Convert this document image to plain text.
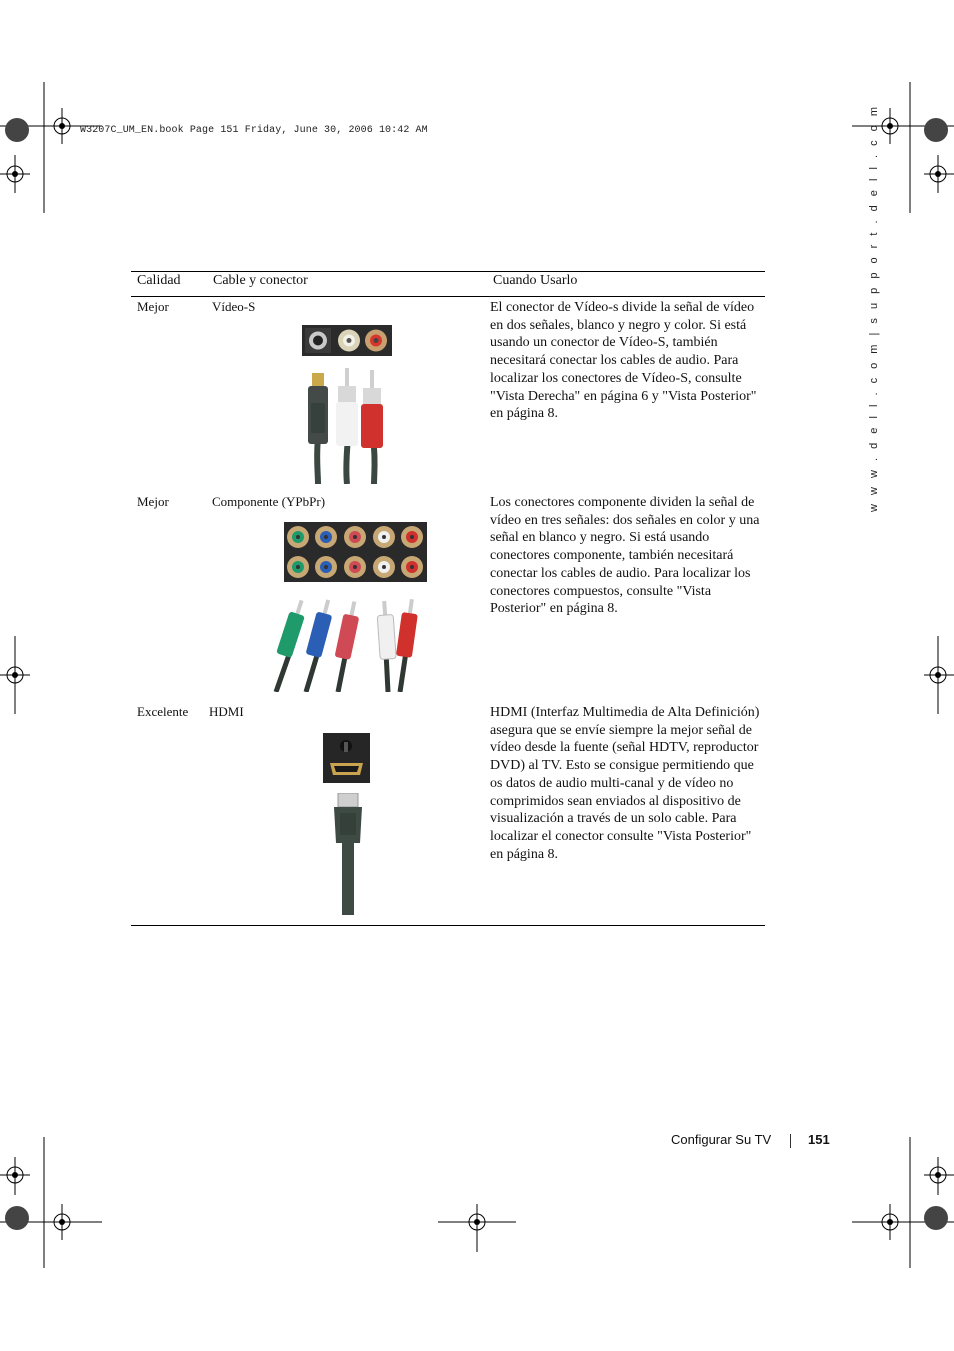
W3207C_UM_EN.book Page 151 Friday, June 30, 2006 10:42 AM	w w w . d e l l . c o m | s u p p o r t . d e l l . c o m
Calidad Cable y conector	Cuando Usarlo
Mejor	Vídeo-S	El conector de Vídeo-s divide la señal de vídeo en dos señales, blanco y negro y color. Si está usando un conector de Vídeo-S, también necesitará conectar los cables de audio. Para localizar los conectores de Vídeo-S, consulte "Vista Derecha" en página 6 y "Vista Posterior" en página 8.
Mejor	Componente (YPbPr)	Los conectores componente dividen la señal de vídeo en tres señales: dos señales en color y una señal en blanco y negro. Si está usando conectores componente, también necesitará conectar los cables de audio. Para localizar los conectores compuestos, consulte "Vista Posterior" en página 8.
Excelente HDMI	HDMI (Interfaz Multimedia de Alta Definición) asegura que se envíe siempre la mejor señal de vídeo desde la fuente (señal HDTV, reproductor DVD) al TV. Esto se consigue permitiendo que os datos de audio multi-canal y de vídeo no comprimidos sean enviados al dispositivo de visualización a través de un solo cable. Para localizar el conector consulte "Vista Posterior" en página 8.
Configurar Su TV	151
